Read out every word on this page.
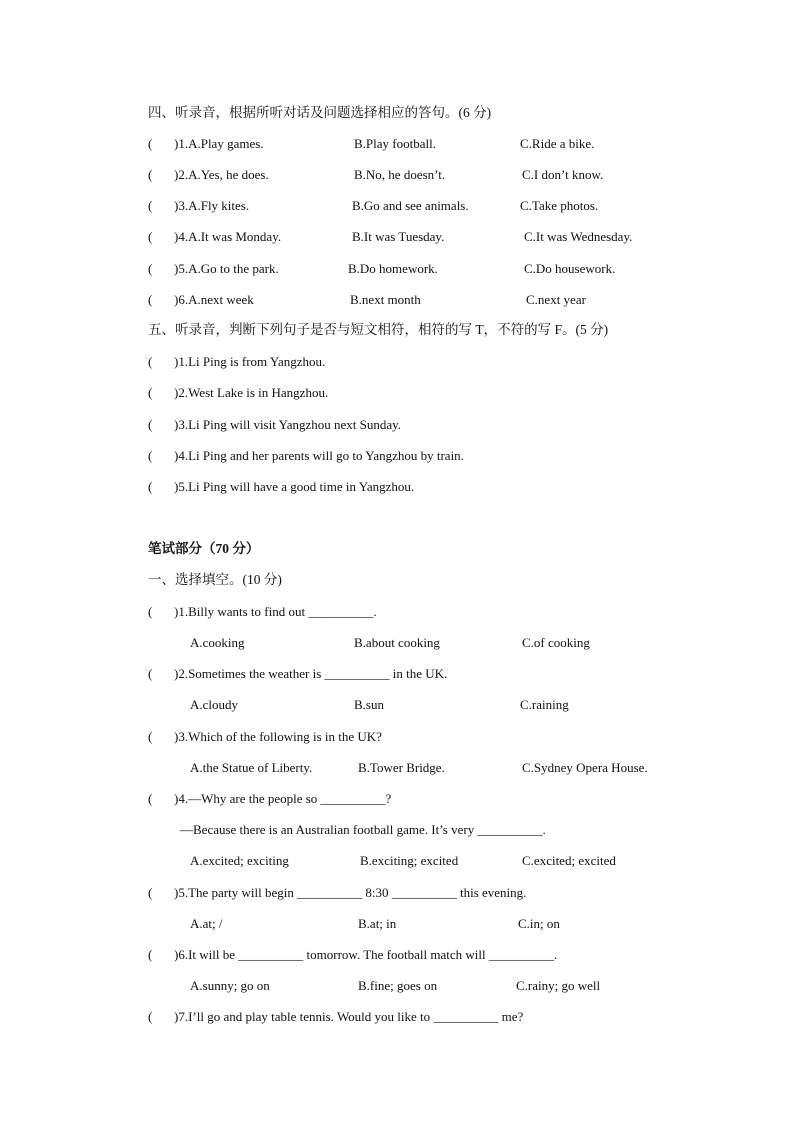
四、听录音，根据所听对话及问题选择相应的答句。(6 分)
( )1.A.Play games.	B.Play football.	C.Ride a bike.
( )2.A.Yes, he does.	B.No, he doesn’t.	C.I don’t know.
( )3.A.Fly kites.	B.Go and see animals.	C.Take photos.
( )4.A.It was Monday.	B.It was Tuesday.	C.It was Wednesday.
( )5.A.Go to the park.	B.Do homework.	C.Do housework.
( )6.A.next week	B.next month	C.next year
五、听录音，判断下列句子是否与短文相符，相符的写 T，不符的写 F。(5 分)
( )1.Li Ping is from Yangzhou.
( )2.West Lake is in Hangzhou.
( )3.Li Ping will visit Yangzhou next Sunday.
( )4.Li Ping and her parents will go to Yangzhou by train.
( )5.Li Ping will have a good time in Yangzhou.
笔试部分（70 分）
一、选择填空。(10 分)
( )1.Billy wants to find out __________.
A.cooking	B.about cooking	C.of cooking
( )2.Sometimes the weather is __________ in the UK.
A.cloudy	B.sun	C.raining
( )3.Which of the following is in the UK?
A.the Statue of Liberty.	B.Tower Bridge.	C.Sydney Opera House.
( )4.—Why are the people so __________?
—Because there is an Australian football game. It’s very __________.
A.excited; exciting	B.exciting; excited	C.excited; excited
( )5.The party will begin __________ 8:30 __________ this evening.
A.at; /	B.at; in	C.in; on
( )6.It will be __________ tomorrow. The football match will __________.
A.sunny; go on	B.fine; goes on	C.rainy; go well
( )7.I’ll go and play table tennis. Would you like to __________ me?
